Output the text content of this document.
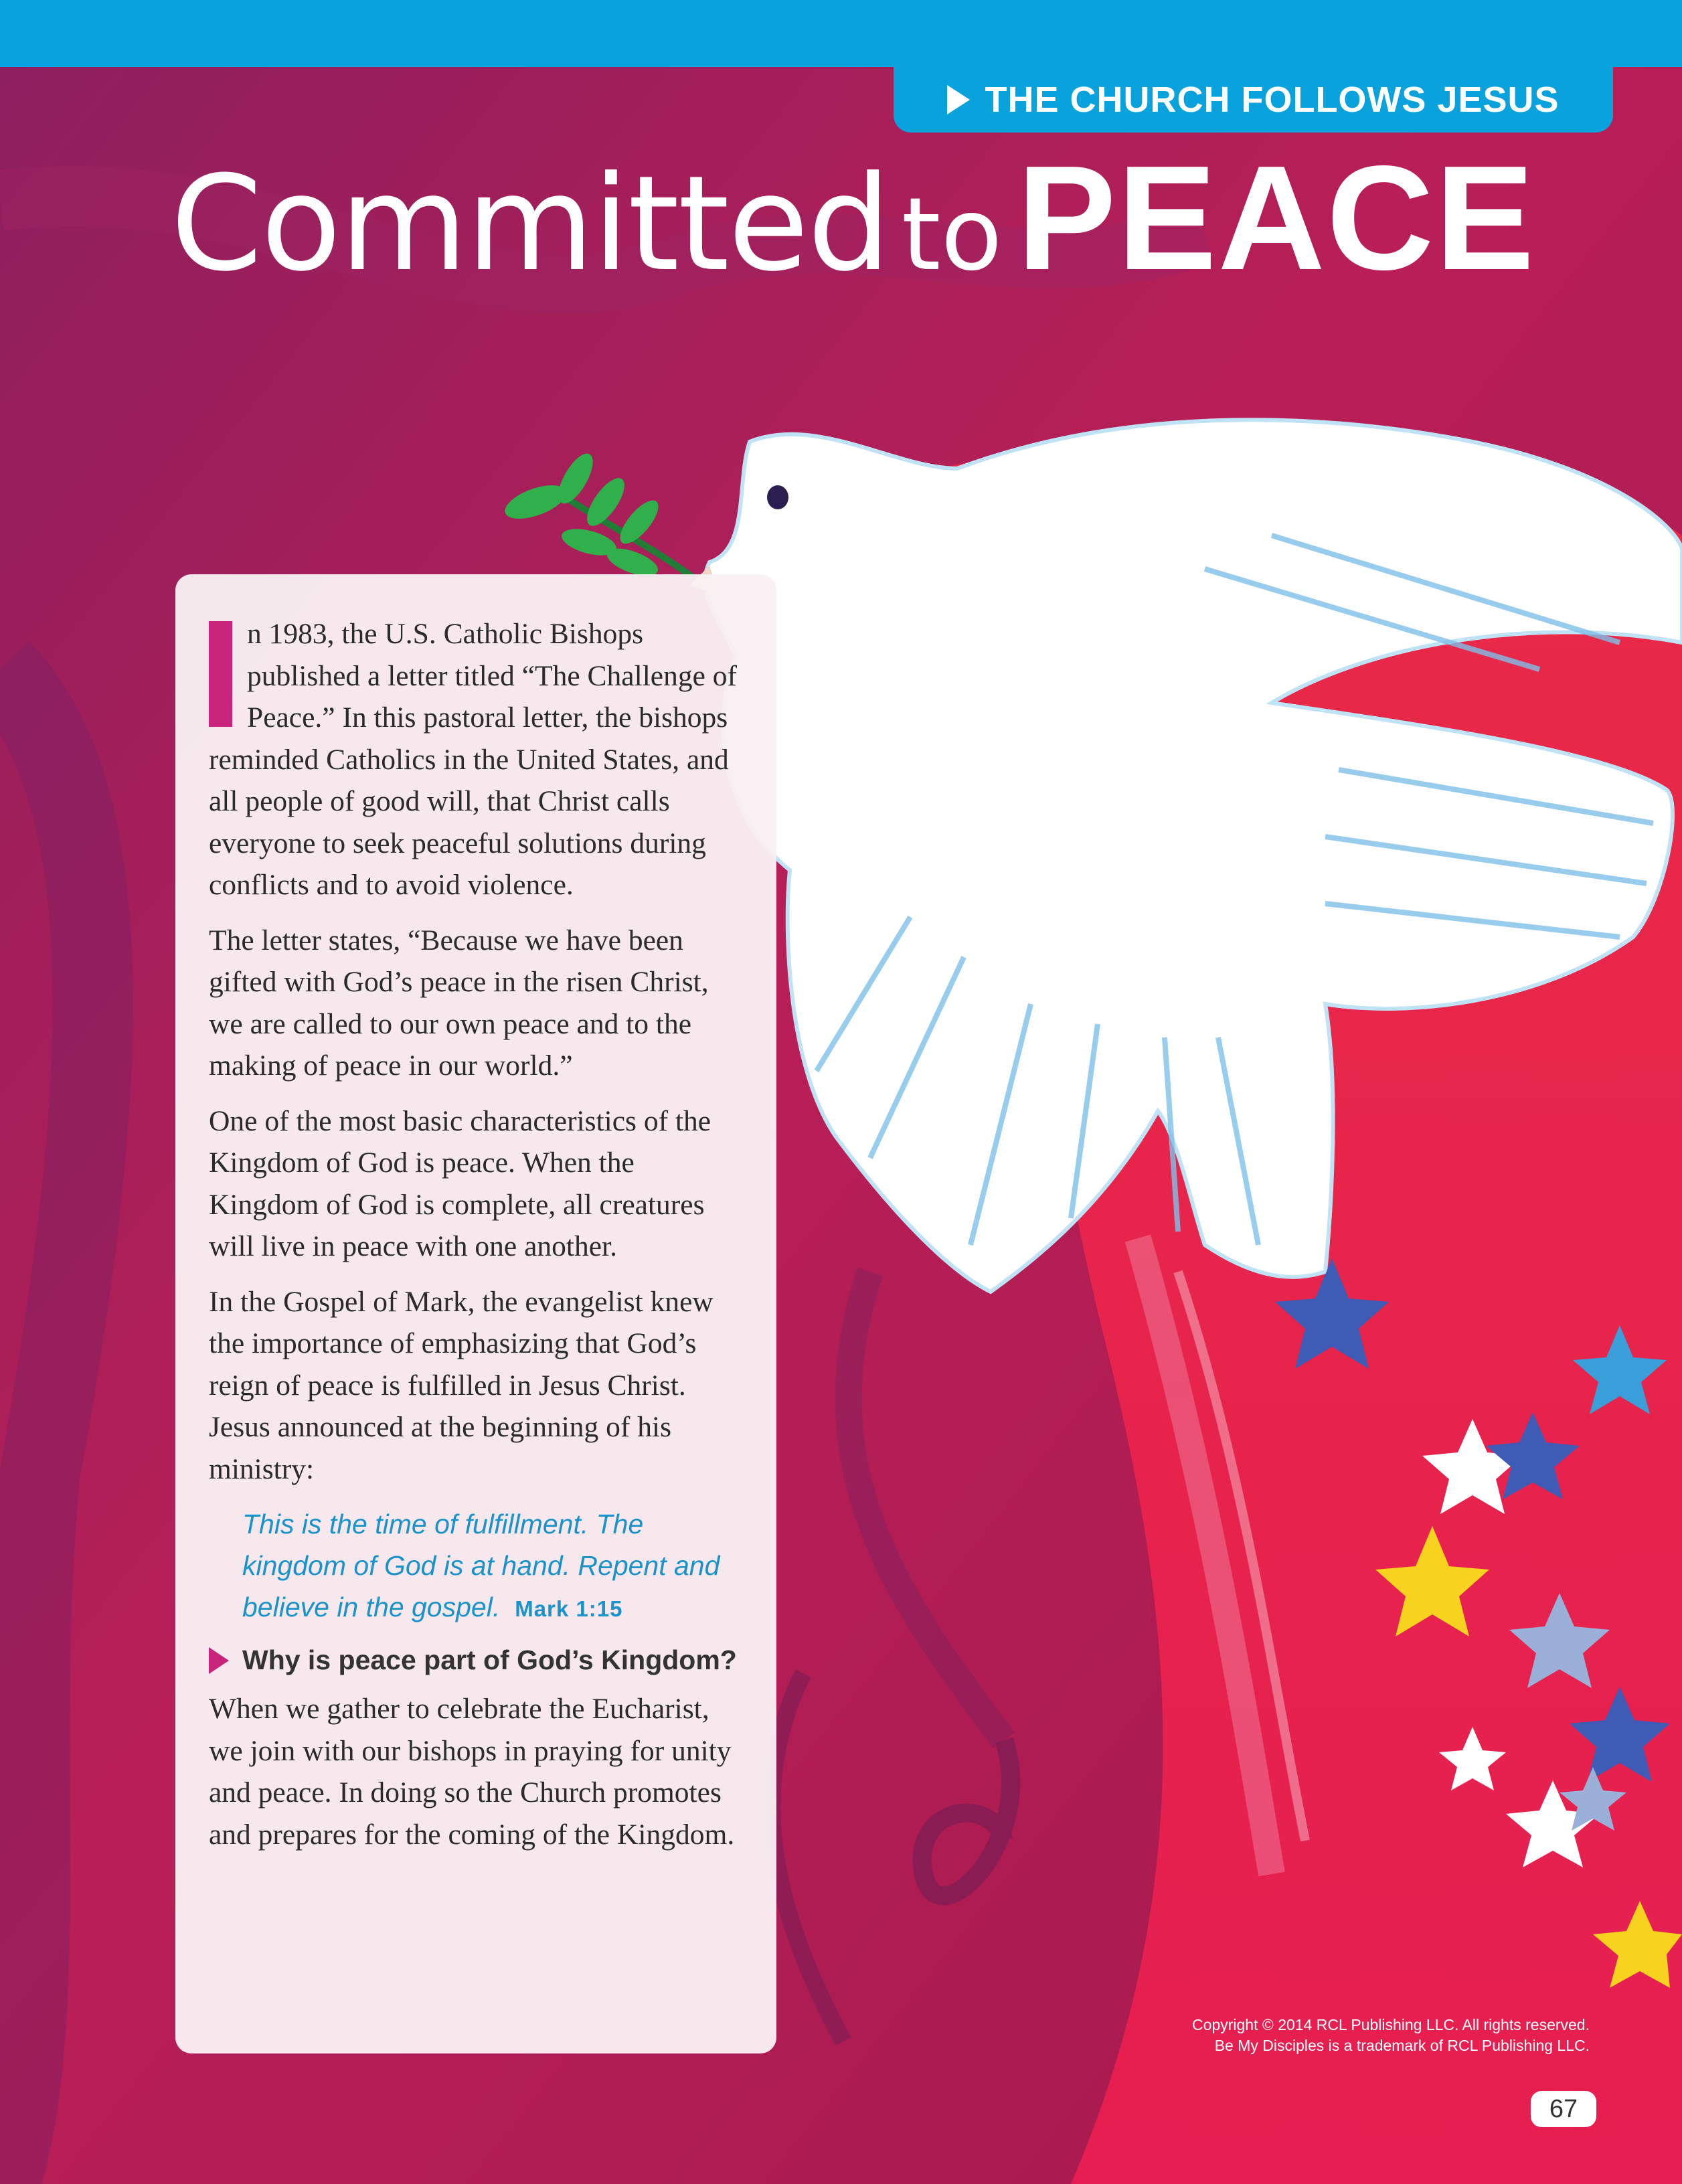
THE CHURCH FOLLOWS JESUS
Committed toPEACE

n 1983, the U.S. Catholic Bishops published a letter titled “The Challenge of Peace.” In this pastoral letter, the bishops reminded Catholics in the United States, and all people of good will, that Christ calls everyone to seek peaceful solutions during conflicts and to avoid violence.

The letter states, “Because we have been gifted with God’s peace in the risen Christ, we are called to our own peace and to the making of peace in our world.”

One of the most basic characteristics of the Kingdom of God is peace. When the Kingdom of God is complete, all creatures will live in peace with one another.

In the Gospel of Mark, the evangelist knew the importance of emphasizing that God’s reign of peace is fulfilled in Jesus Christ. Jesus announced at the beginning of his ministry:

This is the time of fulfillment. The kingdom of God is at hand. Repent and believe in the gospel. Mark 1:15
Why is peace part of God’s Kingdom?

When we gather to celebrate the Eucharist, we join with our bishops in praying for unity and peace. In doing so the Church promotes and prepares for the coming of the Kingdom.

Copyright © 2014 RCL Publishing LLC. All rights reserved.
Be My Disciples is a trademark of RCL Publishing LLC.
67
